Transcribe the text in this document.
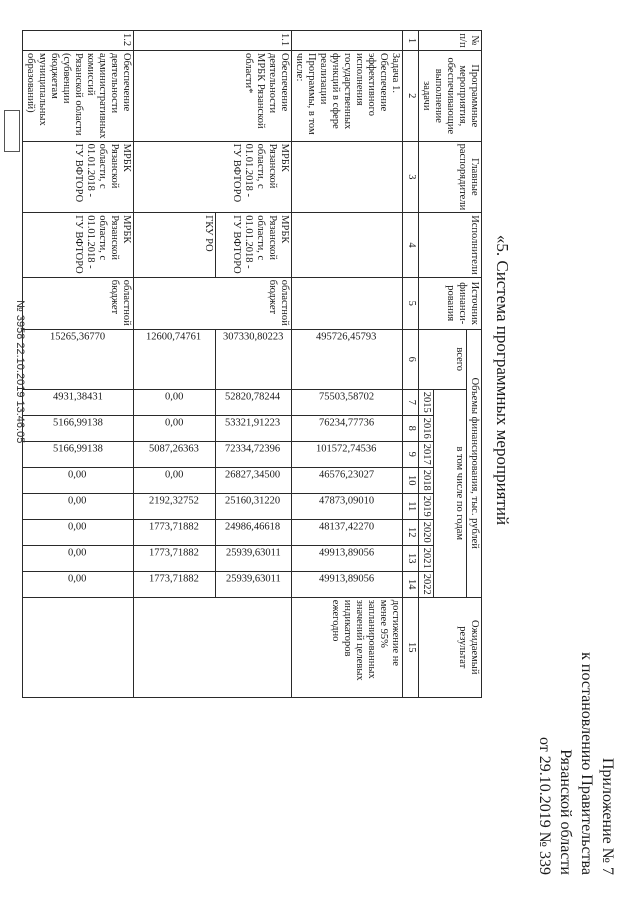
Приложение № 7
к постановлению Правительства
Рязанской области
от 29.10.2019 № 339
«5. Система программных мероприятий
№ п/п	Программные мероприятия, обеспечивающие выполнение задачи	Главные распорядители	Исполнители	Источник финанси-рования	Объемы финансирования, тыс. рублей									Ожидаемый результат
					всего	в том числе по годам								
						2015	2016	2017	2018	2019	2020	2021	2022	
1	2	3	4	5	6	7	8	9	10	11	12	13	14	15
	Задача 1. Обеспечение эффективного исполнения государственных функций в сфере реализации Программы, в том числе:				495726,45793	75503,58702	76234,77736	101572,74536	46576,23027	47873,09010	48137,42270	49913,89056	49913,89056	достижение не менее 95% запланированных значений целевых индикаторов ежегодно
1.1	Обеспечение деятельности МРБК Рязанской области*	МРБК Рязанской области, с 01.01.2018 - ГУ ВФТОРО	МРБК Рязанской области, с 01.01.2018 - ГУ ВФТОРО	областной бюджет	307330,80223	52820,78244	53321,91223	72334,72396	26827,34500	25160,31220	24986,46618	25939,63011	25939,63011	
			ГКУ РО		12600,74761	0,00	0,00	5087,26363	0,00	2192,32752	1773,71882	1773,71882	1773,71882	
1.2	Обеспечение деятельности административных комиссий Рязанской области (субвенции бюджетам муниципальных образований)	МРБК Рязанской области, с 01.01.2018 - ГУ ВФТОРО	МРБК Рязанской области, с 01.01.2018 - ГУ ВФТОРО	областной бюджет	15265,36770	4931,38431	5166,99138	5166,99138	0,00	0,00	0,00	0,00	0,00	
№ 3958 22.10.2019 13:46:05
